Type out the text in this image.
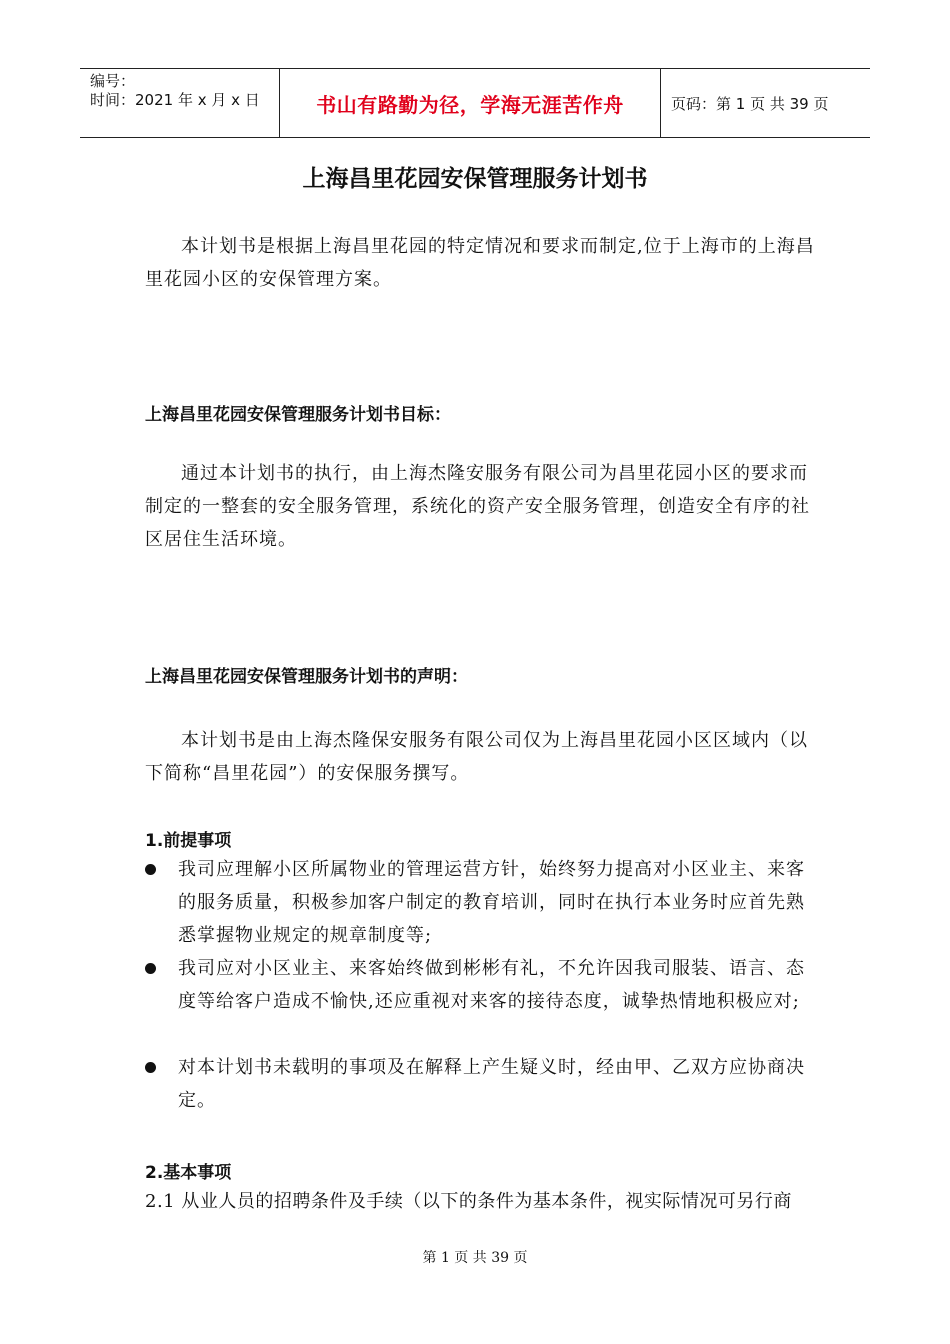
编号：
时间：2021 年 x 月 x 日	书山有路勤为径，学海无涯苦作舟	页码：第 1 页 共 39 页
上海昌里花园安保管理服务计划书
本计划书是根据上海昌里花园的特定情况和要求而制定,位于上海市的上海昌里花园小区的安保管理方案。
上海昌里花园安保管理服务计划书目标：
通过本计划书的执行，由上海杰隆安服务有限公司为昌里花园小区的要求而制定的一整套的安全服务管理，系统化的资产安全服务管理，创造安全有序的社区居住生活环境。
上海昌里花园安保管理服务计划书的声明：
本计划书是由上海杰隆保安服务有限公司仅为上海昌里花园小区区域内（以下简称“昌里花园”）的安保服务撰写。
1.前提事项
我司应理解小区所属物业的管理运营方针，始终努力提高对小区业主、来客的服务质量，积极参加客户制定的教育培训，同时在执行本业务时应首先熟悉掌握物业规定的规章制度等;
我司应对小区业主、来客始终做到彬彬有礼，不允许因我司服装、语言、态度等给客户造成不愉快,还应重视对来客的接待态度，诚挚热情地积极应对;
对本计划书未载明的事项及在解释上产生疑义时，经由甲、乙双方应协商决定。
2.基本事项
2.1 从业人员的招聘条件及手续（以下的条件为基本条件，视实际情况可另行商
第 1 页 共 39 页
